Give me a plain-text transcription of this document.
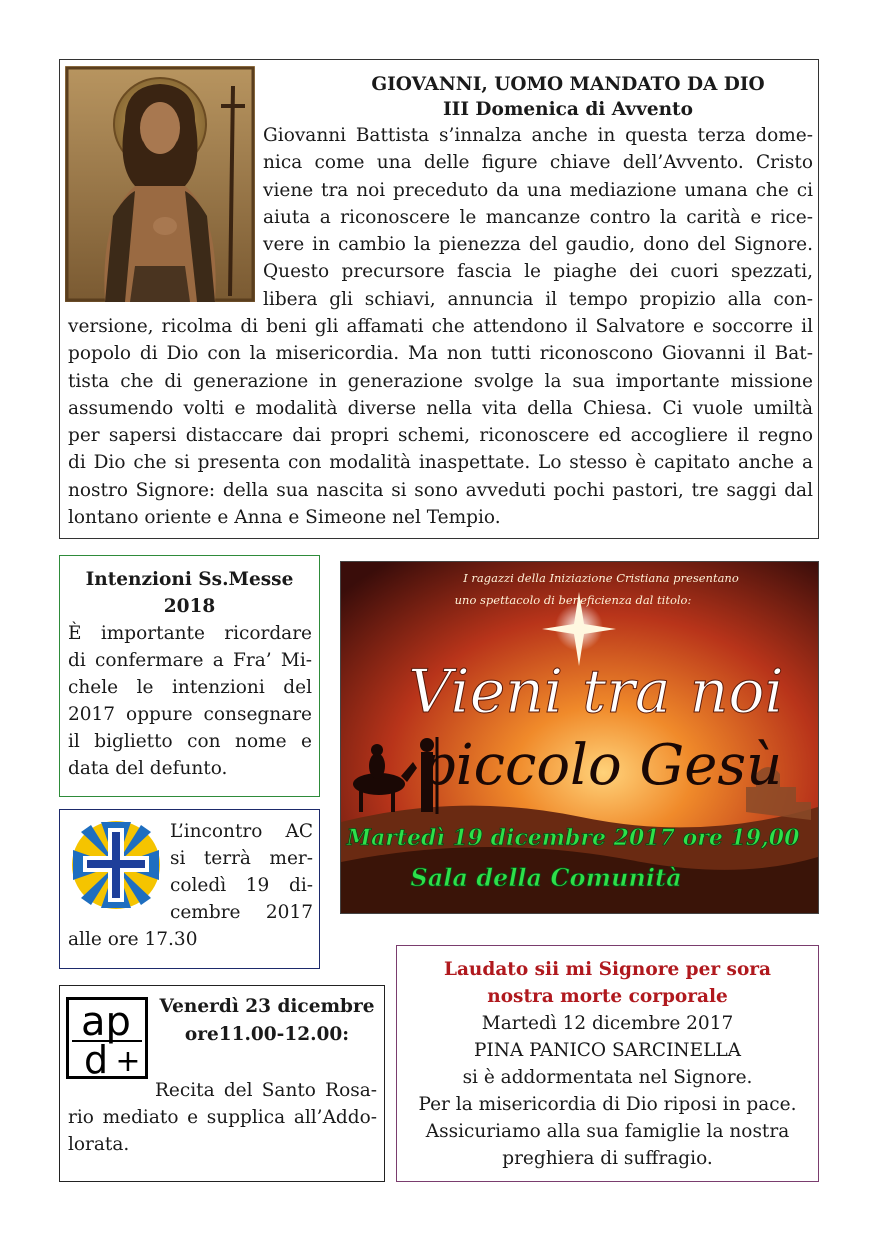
GIOVANNI, UOMO MANDATO DA DIO
III Domenica di Avvento
Giovanni Battista s’innalza anche in questa terza dome-
nica come una delle figure chiave dell’Avvento. Cristo
viene tra noi preceduto da una mediazione umana che ci
aiuta a riconoscere le mancanze contro la carità e rice-
vere in cambio la pienezza del gaudio, dono del Signore.
Questo precursore fascia le piaghe dei cuori spezzati,
libera gli schiavi, annuncia il tempo propizio alla con-
versione, ricolma di beni gli affamati che attendono il Salvatore e soccorre il
popolo di Dio con la misericordia. Ma non tutti riconoscono Giovanni il Bat-
tista che di generazione in generazione svolge la sua importante missione
assumendo volti e modalità diverse nella vita della Chiesa. Ci vuole umiltà
per sapersi distaccare dai propri schemi, riconoscere ed accogliere il regno
di Dio che si presenta con modalità inaspettate. Lo stesso è capitato anche a
nostro Signore: della sua nascita si sono avveduti pochi pastori, tre saggi dal
lontano oriente e Anna e Simeone nel Tempio.
Intenzioni Ss.Messe
2018
È importante ricordare
di confermare a Fra’ Mi-
chele le intenzioni del
2017 oppure consegnare
il biglietto con nome e
data del defunto.
I ragazzi della Iniziazione Cristiana presentano
uno spettacolo di beneficienza dal titolo:
Vieni tra noi
piccolo Gesù
Martedì 19 dicembre 2017 ore 19,00
Sala della Comunità
L’incontro AC
si terrà mer-
coledì 19 di-
cembre 2017
alle ore 17.30
ap
d +
Venerdì 23 dicembre
ore11.00-12.00:
Recita del Santo Rosa-
rio mediato e supplica all’Addo-
lorata.
Laudato sii mi Signore per sora
nostra morte corporale
Martedì 12 dicembre 2017
PINA PANICO SARCINELLA
si è addormentata nel Signore.
Per la misericordia di Dio riposi in pace.
Assicuriamo alla sua famiglie la nostra
preghiera di suffragio.
